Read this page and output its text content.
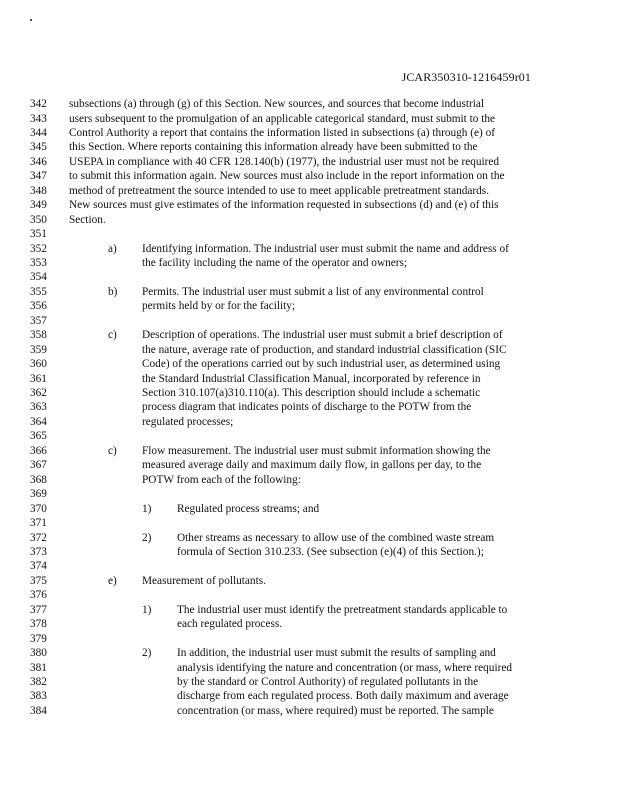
JCAR350310-1216459r01
342	subsections (a) through (g) of this Section. New sources, and sources that become industrial
343	users subsequent to the promulgation of an applicable categorical standard, must submit to the
344	Control Authority a report that contains the information listed in subsections (a) through (e) of
345	this Section. Where reports containing this information already have been submitted to the
346	USEPA in compliance with 40 CFR 128.140(b) (1977), the industrial user must not be required
347	to submit this information again. New sources must also include in the report information on the
348	method of pretreatment the source intended to use to meet applicable pretreatment standards.
349	New sources must give estimates of the information requested in subsections (d) and (e) of this
350	Section.
351
352	a) Identifying information. The industrial user must submit the name and address of
353	the facility including the name of the operator and owners;
354
355	b) Permits. The industrial user must submit a list of any environmental control
356	permits held by or for the facility;
357
358	c) Description of operations. The industrial user must submit a brief description of
359	the nature, average rate of production, and standard industrial classification (SIC
360	Code) of the operations carried out by such industrial user, as determined using
361	the Standard Industrial Classification Manual, incorporated by reference in
362	Section 310.107(a)310.110(a). This description should include a schematic
363	process diagram that indicates points of discharge to the POTW from the
364	regulated processes;
365
366	c) Flow measurement. The industrial user must submit information showing the
367	measured average daily and maximum daily flow, in gallons per day, to the
368	POTW from each of the following:
369
370	1) Regulated process streams; and
371
372	2) Other streams as necessary to allow use of the combined waste stream
373	formula of Section 310.233. (See subsection (e)(4) of this Section.);
374
375	e) Measurement of pollutants.
376
377	1) The industrial user must identify the pretreatment standards applicable to
378	each regulated process.
379
380	2) In addition, the industrial user must submit the results of sampling and
381	analysis identifying the nature and concentration (or mass, where required
382	by the standard or Control Authority) of regulated pollutants in the
383	discharge from each regulated process. Both daily maximum and average
384	concentration (or mass, where required) must be reported. The sample
